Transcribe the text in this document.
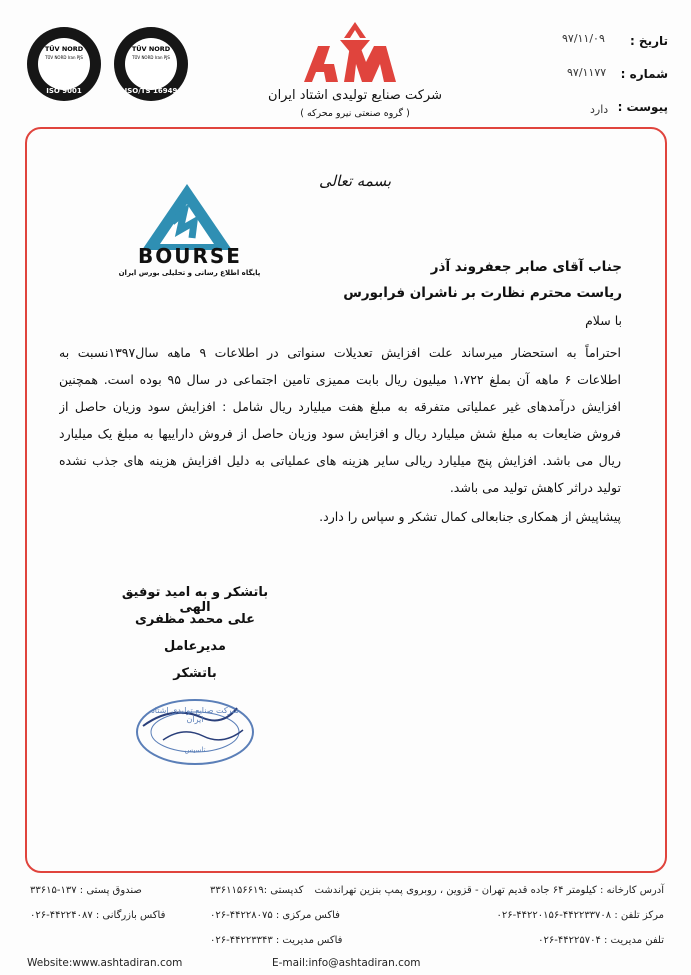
TÜV NORD
TÜV NORD Iran PJS
ISO 9001
TÜV NORD
TÜV NORD Iran PJS
ISO/TS 16949	شرکت صنایع تولیدی اشتاد ایران
( گروه صنعتی نیرو محرکه )
تاریخ :
۹۷/۱۱/۰۹
شماره :
۹۷/۱۱۷۷
پیوست :
دارد
بسمه تعالی
BOURSE
پایگاه اطلاع رسانی و تحلیلی بورس ایران	جناب آقای صابر جعفروند آذر
ریاست محترم نظارت بر ناشران فرابورس
با سلام
احتراماً به استحضار میرساند علت افزایش تعدیلات سنواتی در اطلاعات ۹ ماهه سال۱۳۹۷نسبت به
اطلاعات ۶ ماهه آن بملغ ۱،۷۲۲ میلیون ریال بابت ممیزی تامین اجتماعی در سال ۹۵ بوده است. همچنین
افزایش درآمدهای غیر عملیاتی متفرقه به مبلغ هفت میلیارد ریال شامل : افزایش سود وزیان حاصل از
فروش ضایعات به مبلغ شش میلیارد ریال و افزایش سود وزیان حاصل از فروش داراییها به مبلغ یک میلیارد
ریال می باشد. افزایش پنج میلیارد ریالی سایر هزینه های عملیاتی به دلیل افزایش هزینه های جذب نشده
تولید دراثر کاهش تولید می باشد.
پیشاپیش از همکاری جنابعالی کمال تشکر و سپاس را دارد.
باتشکر و به امید توفیق الهی
علی محمد مظفری
مدیرعامل
باتشکر
شرکت صنایع تولیدی اشتاد ایران
تاسیس
آدرس کارخانه : کیلومتر ۶۴ جاده قدیم تهران - قزوین ، روبروی پمپ بنزین تهراندشت
کدپستی :۳۳۶۱۱۵۶۶۱۹
صندوق پستی : ۱۳۷-۳۳۶۱۵
مرکز تلفن : ۴۴۲۲۳۳۷۰۸-۴۴۲۲۰۱۵۶-۰۲۶
فاکس مرکزی : ۴۴۲۲۸۰۷۵-۰۲۶
فاکس بازرگانی : ۴۴۲۲۴۰۸۷-۰۲۶
تلفن مدیریت : ۴۴۲۲۵۷۰۴-۰۲۶
فاکس مدیریت : ۴۴۲۲۳۳۴۳-۰۲۶
Website:www.ashtadiran.com	E-mail:info@ashtadiran.com
